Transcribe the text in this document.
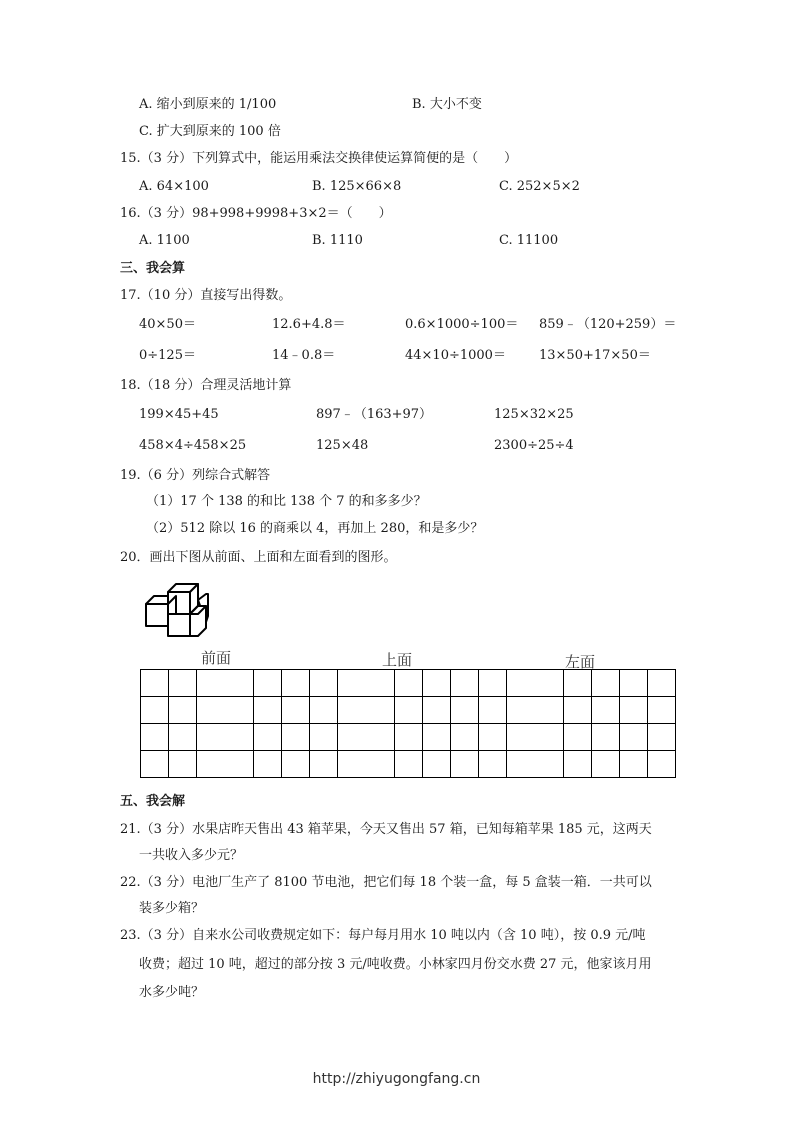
A. 缩小到原来的 1/100	B. 大小不变
C. 扩大到原来的 100 倍
15.（3 分）下列算式中，能运用乘法交换律使运算简便的是（　　）
A. 64×100	B. 125×66×8	C. 252×5×2
16.（3 分）98+998+9998+3×2＝（　　）
A. 1100	B. 1110	C. 11100
三、我会算
17.（10 分）直接写出得数。
40×50＝	12.6+4.8＝	0.6×1000÷100＝ 859﹣（120+259）＝
0÷125＝	14﹣0.8＝	44×10÷1000＝	13×50+17×50＝
18.（18 分）合理灵活地计算
199×45+45	897﹣（163+97）	125×32×25
458×4÷458×25	125×48	2300÷25÷4
19.（6 分）列综合式解答
（1）17 个 138 的和比 138 个 7 的和多多少？
（2）512 除以 16 的商乘以 4，再加上 280，和是多少？
20．画出下图从前面、上面和左面看到的图形。
前面	上面	左面

五、我会解
21.（3 分）水果店昨天售出 43 箱苹果，今天又售出 57 箱，已知每箱苹果 185 元，这两天
一共收入多少元？
22.（3 分）电池厂生产了 8100 节电池，把它们每 18 个装一盒，每 5 盒装一箱．一共可以
装多少箱？
23.（3 分）自来水公司收费规定如下：每户每月用水 10 吨以内（含 10 吨），按 0.9 元/吨
收费；超过 10 吨，超过的部分按 3 元/吨收费。小林家四月份交水费 27 元，他家该月用
水多少吨？
http://zhiyugongfang.cn
